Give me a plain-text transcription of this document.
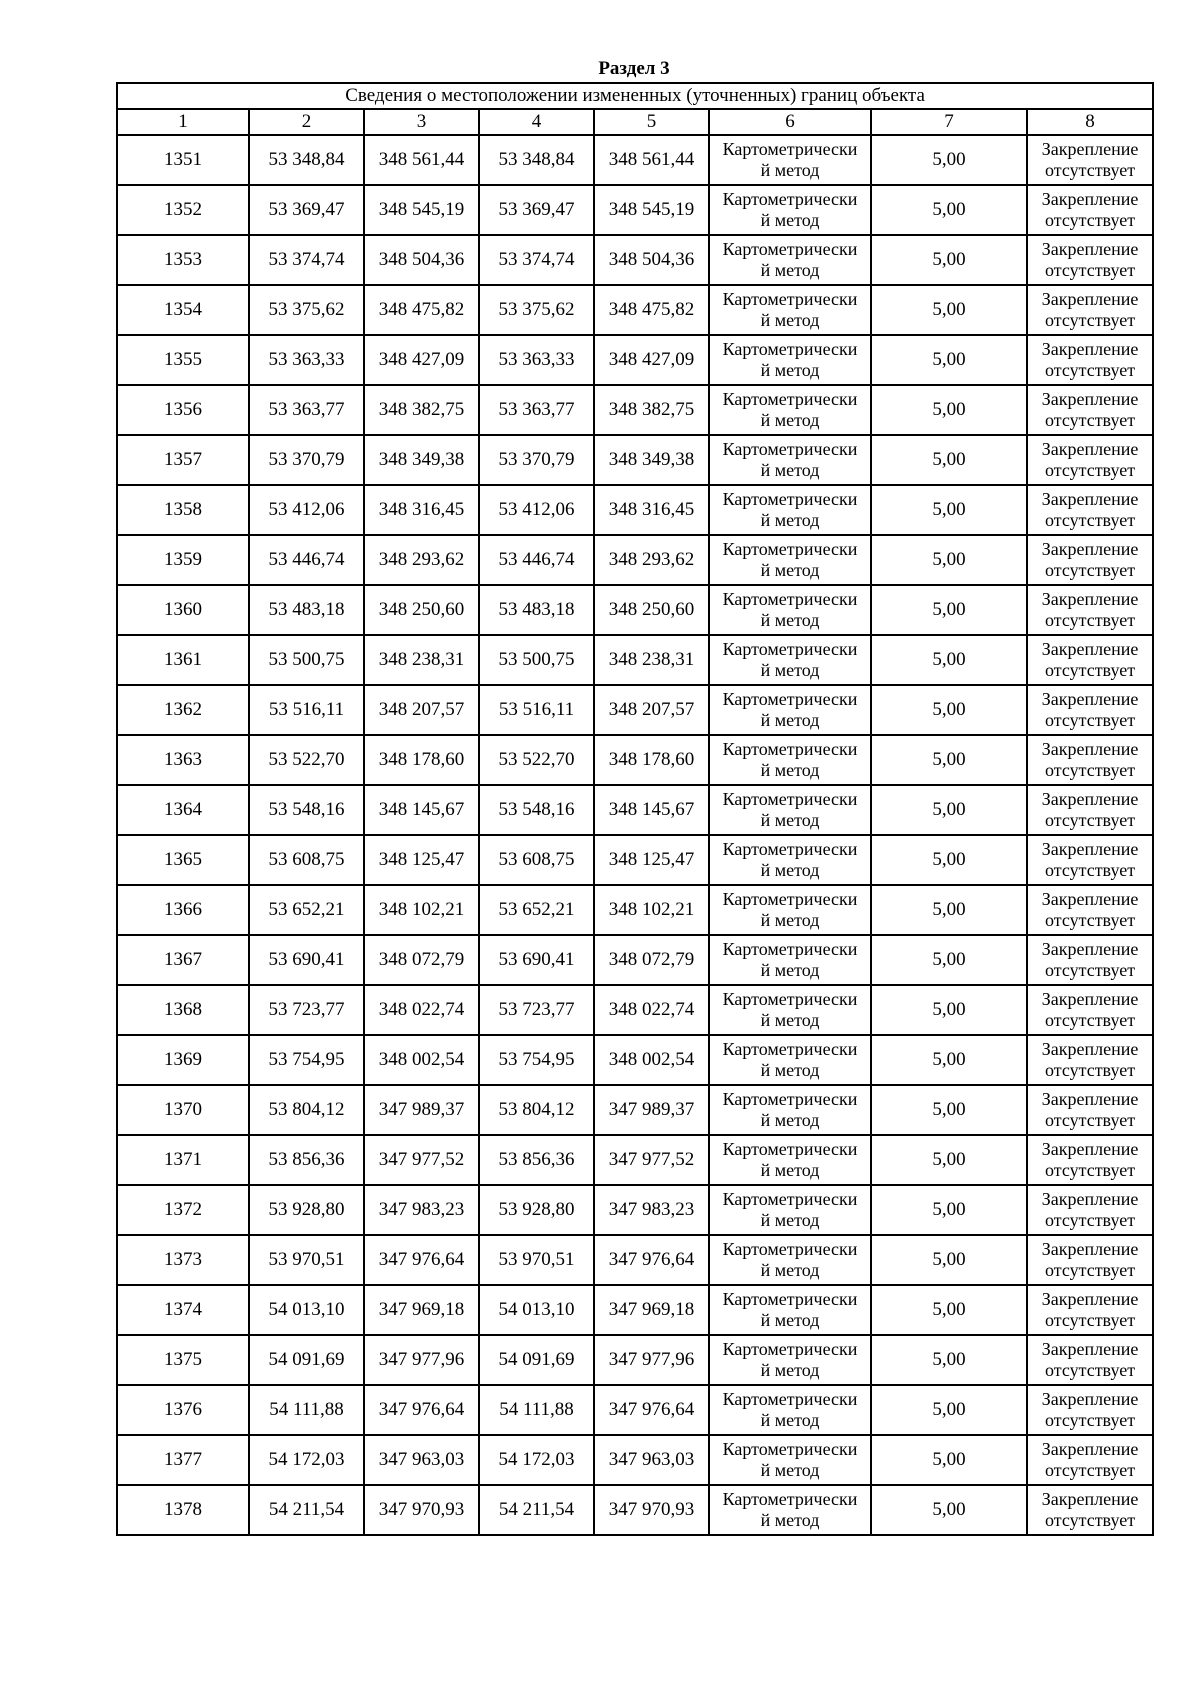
Раздел 3
Сведения о местоположении измененных (уточненных) границ объекта							
1	2	3	4	5	6	7	8
1351	53 348,84	348 561,44	53 348,84	348 561,44	Картометрически
й метод	5,00	Закрепление
отсутствует
1352	53 369,47	348 545,19	53 369,47	348 545,19	Картометрически
й метод	5,00	Закрепление
отсутствует
1353	53 374,74	348 504,36	53 374,74	348 504,36	Картометрически
й метод	5,00	Закрепление
отсутствует
1354	53 375,62	348 475,82	53 375,62	348 475,82	Картометрически
й метод	5,00	Закрепление
отсутствует
1355	53 363,33	348 427,09	53 363,33	348 427,09	Картометрически
й метод	5,00	Закрепление
отсутствует
1356	53 363,77	348 382,75	53 363,77	348 382,75	Картометрически
й метод	5,00	Закрепление
отсутствует
1357	53 370,79	348 349,38	53 370,79	348 349,38	Картометрически
й метод	5,00	Закрепление
отсутствует
1358	53 412,06	348 316,45	53 412,06	348 316,45	Картометрически
й метод	5,00	Закрепление
отсутствует
1359	53 446,74	348 293,62	53 446,74	348 293,62	Картометрически
й метод	5,00	Закрепление
отсутствует
1360	53 483,18	348 250,60	53 483,18	348 250,60	Картометрически
й метод	5,00	Закрепление
отсутствует
1361	53 500,75	348 238,31	53 500,75	348 238,31	Картометрически
й метод	5,00	Закрепление
отсутствует
1362	53 516,11	348 207,57	53 516,11	348 207,57	Картометрически
й метод	5,00	Закрепление
отсутствует
1363	53 522,70	348 178,60	53 522,70	348 178,60	Картометрически
й метод	5,00	Закрепление
отсутствует
1364	53 548,16	348 145,67	53 548,16	348 145,67	Картометрически
й метод	5,00	Закрепление
отсутствует
1365	53 608,75	348 125,47	53 608,75	348 125,47	Картометрически
й метод	5,00	Закрепление
отсутствует
1366	53 652,21	348 102,21	53 652,21	348 102,21	Картометрически
й метод	5,00	Закрепление
отсутствует
1367	53 690,41	348 072,79	53 690,41	348 072,79	Картометрически
й метод	5,00	Закрепление
отсутствует
1368	53 723,77	348 022,74	53 723,77	348 022,74	Картометрически
й метод	5,00	Закрепление
отсутствует
1369	53 754,95	348 002,54	53 754,95	348 002,54	Картометрически
й метод	5,00	Закрепление
отсутствует
1370	53 804,12	347 989,37	53 804,12	347 989,37	Картометрически
й метод	5,00	Закрепление
отсутствует
1371	53 856,36	347 977,52	53 856,36	347 977,52	Картометрически
й метод	5,00	Закрепление
отсутствует
1372	53 928,80	347 983,23	53 928,80	347 983,23	Картометрически
й метод	5,00	Закрепление
отсутствует
1373	53 970,51	347 976,64	53 970,51	347 976,64	Картометрически
й метод	5,00	Закрепление
отсутствует
1374	54 013,10	347 969,18	54 013,10	347 969,18	Картометрически
й метод	5,00	Закрепление
отсутствует
1375	54 091,69	347 977,96	54 091,69	347 977,96	Картометрически
й метод	5,00	Закрепление
отсутствует
1376	54 111,88	347 976,64	54 111,88	347 976,64	Картометрически
й метод	5,00	Закрепление
отсутствует
1377	54 172,03	347 963,03	54 172,03	347 963,03	Картометрически
й метод	5,00	Закрепление
отсутствует
1378	54 211,54	347 970,93	54 211,54	347 970,93	Картометрически
й метод	5,00	Закрепление
отсутствует
